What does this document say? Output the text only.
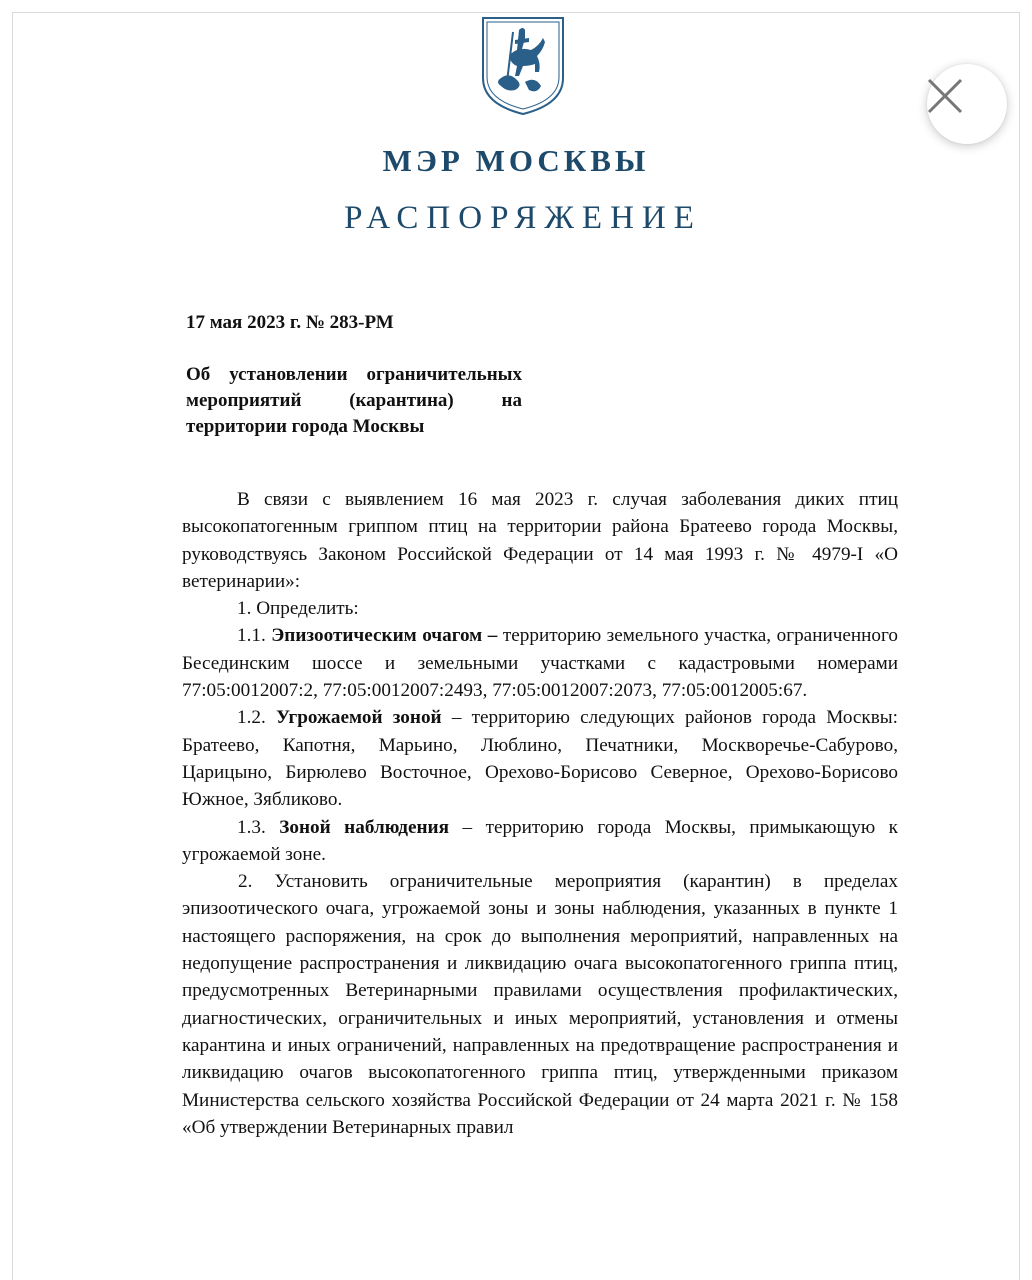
МЭР МОСКВЫ
РАСПОРЯЖЕНИЕ
17 мая 2023 г. № 283-РМ
Об установлении ограничительных
мероприятий (карантина) на
территории города Москвы

В связи с выявлением 16 мая 2023 г. случая заболевания диких птиц высокопатогенным гриппом птиц на территории района Братеево города Москвы, руководствуясь Законом Российской Федерации от 14 мая 1993 г. № 4979-I «О ветеринарии»:

1. Определить:

1.1. Эпизоотическим очагом – территорию земельного участка, ограниченного Бесединским шоссе и земельными участками с кадастровыми номерами 77:05:0012007:2, 77:05:0012007:2493, 77:05:0012007:2073, 77:05:0012005:67.

1.2. Угрожаемой зоной – территорию следующих районов города Москвы: Братеево, Капотня, Марьино, Люблино, Печатники, Москворечье-Сабурово, Царицыно, Бирюлево Восточное, Орехово-Борисово Северное, Орехово-Борисово Южное, Зябликово.

1.3. Зоной наблюдения – территорию города Москвы, примыкающую к угрожаемой зоне.

2. Установить ограничительные мероприятия (карантин) в пределах эпизоотического очага, угрожаемой зоны и зоны наблюдения, указанных в пункте 1 настоящего распоряжения, на срок до выполнения мероприятий, направленных на недопущение распространения и ликвидацию очага высокопатогенного гриппа птиц, предусмотренных Ветеринарными правилами осуществления профилактических, диагностических, ограничительных и иных мероприятий, установления и отмены карантина и иных ограничений, направленных на предотвращение распространения и ликвидацию очагов высокопатогенного гриппа птиц, утвержденными приказом Министерства сельского хозяйства Российской Федерации от 24 марта 2021 г. № 158 «Об утверждении Ветеринарных правил
